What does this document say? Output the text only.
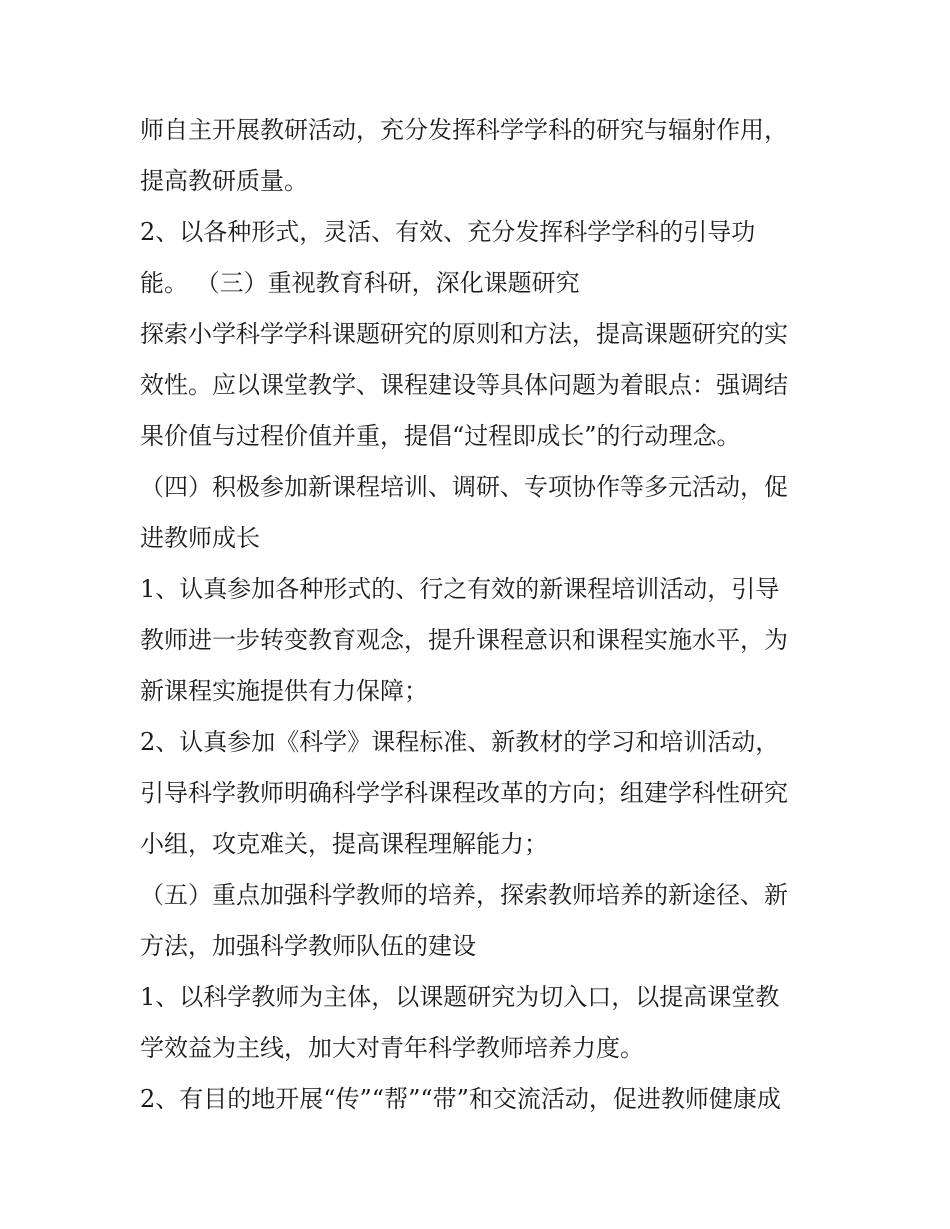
师自主开展教研活动，充分发挥科学学科的研究与辐射作用，
提高教研质量。
2、以各种形式，灵活、有效、充分发挥科学学科的引导功
能。 （三）重视教育科研，深化课题研究
探索小学科学学科课题研究的原则和方法，提高课题研究的实
效性。应以课堂教学、课程建设等具体问题为着眼点：强调结
果价值与过程价值并重，提倡“过程即成长”的行动理念。
（四）积极参加新课程培训、调研、专项协作等多元活动，促
进教师成长
1、认真参加各种形式的、行之有效的新课程培训活动，引导
教师进一步转变教育观念，提升课程意识和课程实施水平，为
新课程实施提供有力保障；
2、认真参加《科学》课程标准、新教材的学习和培训活动，
引导科学教师明确科学学科课程改革的方向；组建学科性研究
小组，攻克难关，提高课程理解能力；
（五）重点加强科学教师的培养，探索教师培养的新途径、新
方法，加强科学教师队伍的建设
1、以科学教师为主体，以课题研究为切入口，以提高课堂教
学效益为主线，加大对青年科学教师培养力度。
2、有目的地开展“传”“帮”“带”和交流活动，促进教师健康成
